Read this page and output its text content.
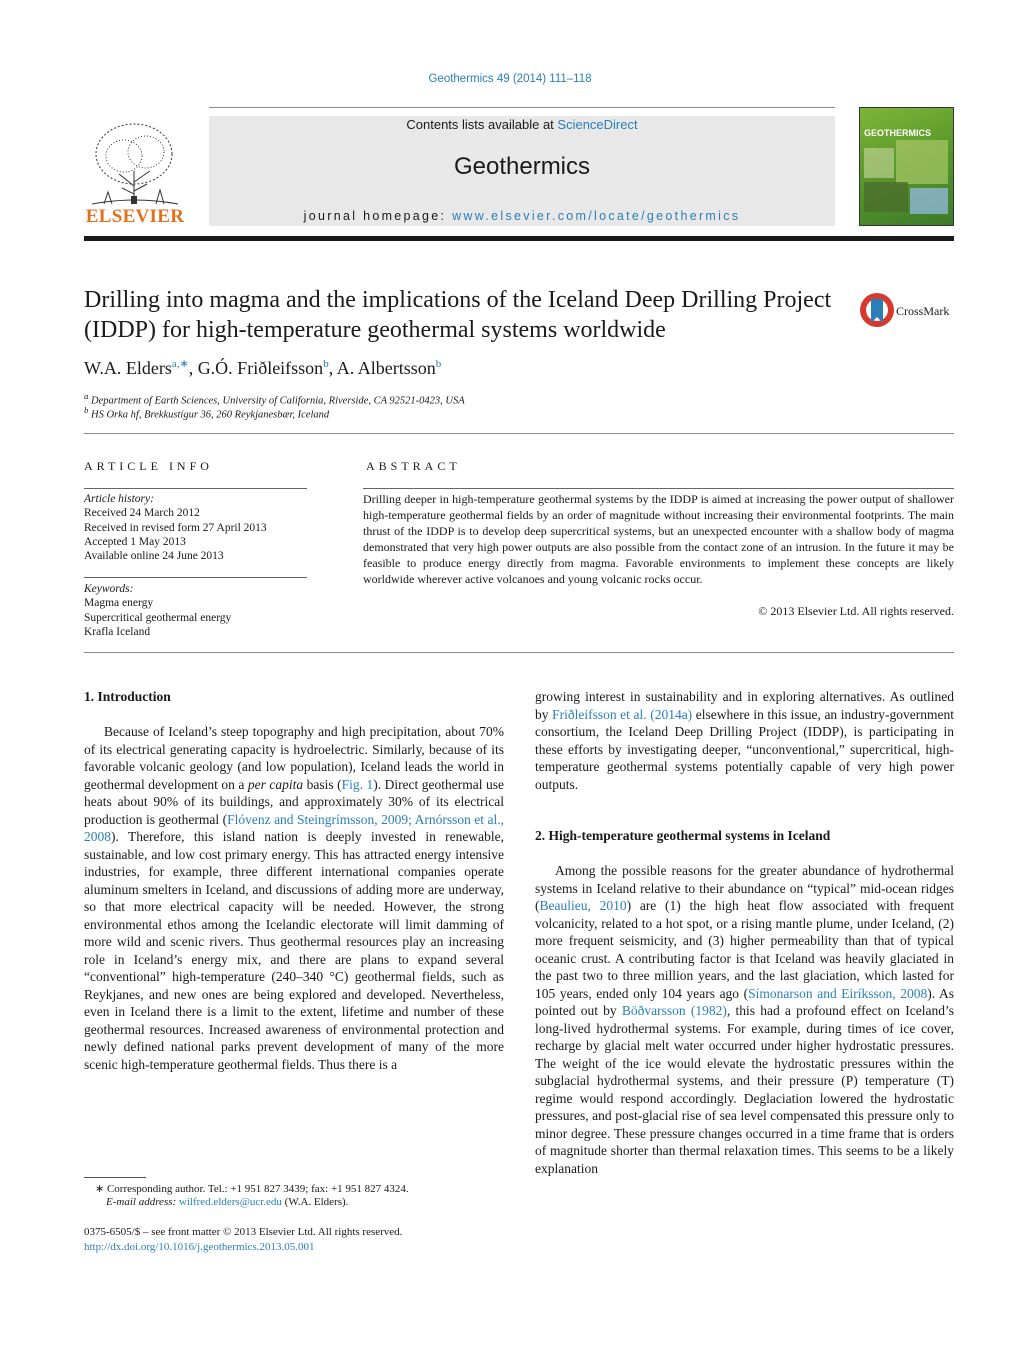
Geothermics 49 (2014) 111–118
ELSEVIER
Contents lists available at ScienceDirect
Geothermics
journal homepage: www.elsevier.com/locate/geothermics
GEOTHERMICS
Drilling into magma and the implications of the Iceland Deep Drilling Project (IDDP) for high-temperature geothermal systems worldwide
CrossMark
W.A. Elders$^{a,∗}$, G.Ó. Friðleifsson$^b$, A. Albertsson$^b$
$^a$ Department of Earth Sciences, University of California, Riverside, CA 92521-0423, USA
$^b$ HS Orka hf, Brekkustígur 36, 260 Reykjanesbær, Iceland
ARTICLE INFO	ABSTRACT
Article history:
Received 24 March 2012
Received in revised form 27 April 2013
Accepted 1 May 2013
Available online 24 June 2013
Keywords:
Magma energy
Supercritical geothermal energy
Krafla Iceland
Drilling deeper in high-temperature geothermal systems by the IDDP is aimed at increasing the power output of shallower high-temperature geothermal fields by an order of magnitude without increasing their environmental footprints. The main thrust of the IDDP is to develop deep supercritical systems, but an unexpected encounter with a shallow body of magma demonstrated that very high power outputs are also possible from the contact zone of an intrusion. In the future it may be feasible to produce energy directly from magma. Favorable environments to implement these concepts are likely worldwide wherever active volcanoes and young volcanic rocks occur.
© 2013 Elsevier Ltd. All rights reserved.
1. Introduction
Because of Iceland’s steep topography and high precipitation, about 70% of its electrical generating capacity is hydroelectric. Similarly, because of its favorable volcanic geology (and low population), Iceland leads the world in geothermal development on a per capita basis (Fig. 1). Direct geothermal use heats about 90% of its buildings, and approximately 30% of its electrical production is geothermal (Flóvenz and Steingrímsson, 2009; Arnórsson et al., 2008). Therefore, this island nation is deeply invested in renewable, sustainable, and low cost primary energy. This has attracted energy intensive industries, for example, three different international companies operate aluminum smelters in Iceland, and discussions of adding more are underway, so that more electrical capacity will be needed. However, the strong environmental ethos among the Icelandic electorate will limit damming of more wild and scenic rivers. Thus geothermal resources play an increasing role in Iceland’s energy mix, and there are plans to expand several “conventional” high-temperature (240–340 °C) geothermal fields, such as Reykjanes, and new ones are being explored and developed. Nevertheless, even in Iceland there is a limit to the extent, lifetime and number of these geothermal resources. Increased awareness of environmental protection and newly defined national parks prevent development of many of the more scenic high-temperature geothermal fields. Thus there is a
growing interest in sustainability and in exploring alternatives. As outlined by Friðleifsson et al. (2014a) elsewhere in this issue, an industry-government consortium, the Iceland Deep Drilling Project (IDDP), is participating in these efforts by investigating deeper, “unconventional,” supercritical, high-temperature geothermal systems potentially capable of very high power outputs.
2. High-temperature geothermal systems in Iceland
Among the possible reasons for the greater abundance of hydrothermal systems in Iceland relative to their abundance on “typical” mid-ocean ridges (Beaulieu, 2010) are (1) the high heat flow associated with frequent volcanicity, related to a hot spot, or a rising mantle plume, under Iceland, (2) more frequent seismicity, and (3) higher permeability than that of typical oceanic crust. A contributing factor is that Iceland was heavily glaciated in the past two to three million years, and the last glaciation, which lasted for 105 years, ended only 104 years ago (Símonarson and Eiríksson, 2008). As pointed out by Böðvarsson (1982), this had a profound effect on Iceland’s long-lived hydrothermal systems. For example, during times of ice cover, recharge by glacial melt water occurred under higher hydrostatic pressures. The weight of the ice would elevate the hydrostatic pressures within the subglacial hydrothermal systems, and their pressure (P) temperature (T) regime would respond accordingly. Deglaciation lowered the hydrostatic pressures, and post-glacial rise of sea level compensated this pressure only to minor degree. These pressure changes occurred in a time frame that is orders of magnitude shorter than thermal relaxation times. This seems to be a likely explanation
∗ Corresponding author. Tel.: +1 951 827 3439; fax: +1 951 827 4324.
E-mail address: wilfred.elders@ucr.edu (W.A. Elders).
0375-6505/$ – see front matter © 2013 Elsevier Ltd. All rights reserved.
http://dx.doi.org/10.1016/j.geothermics.2013.05.001
